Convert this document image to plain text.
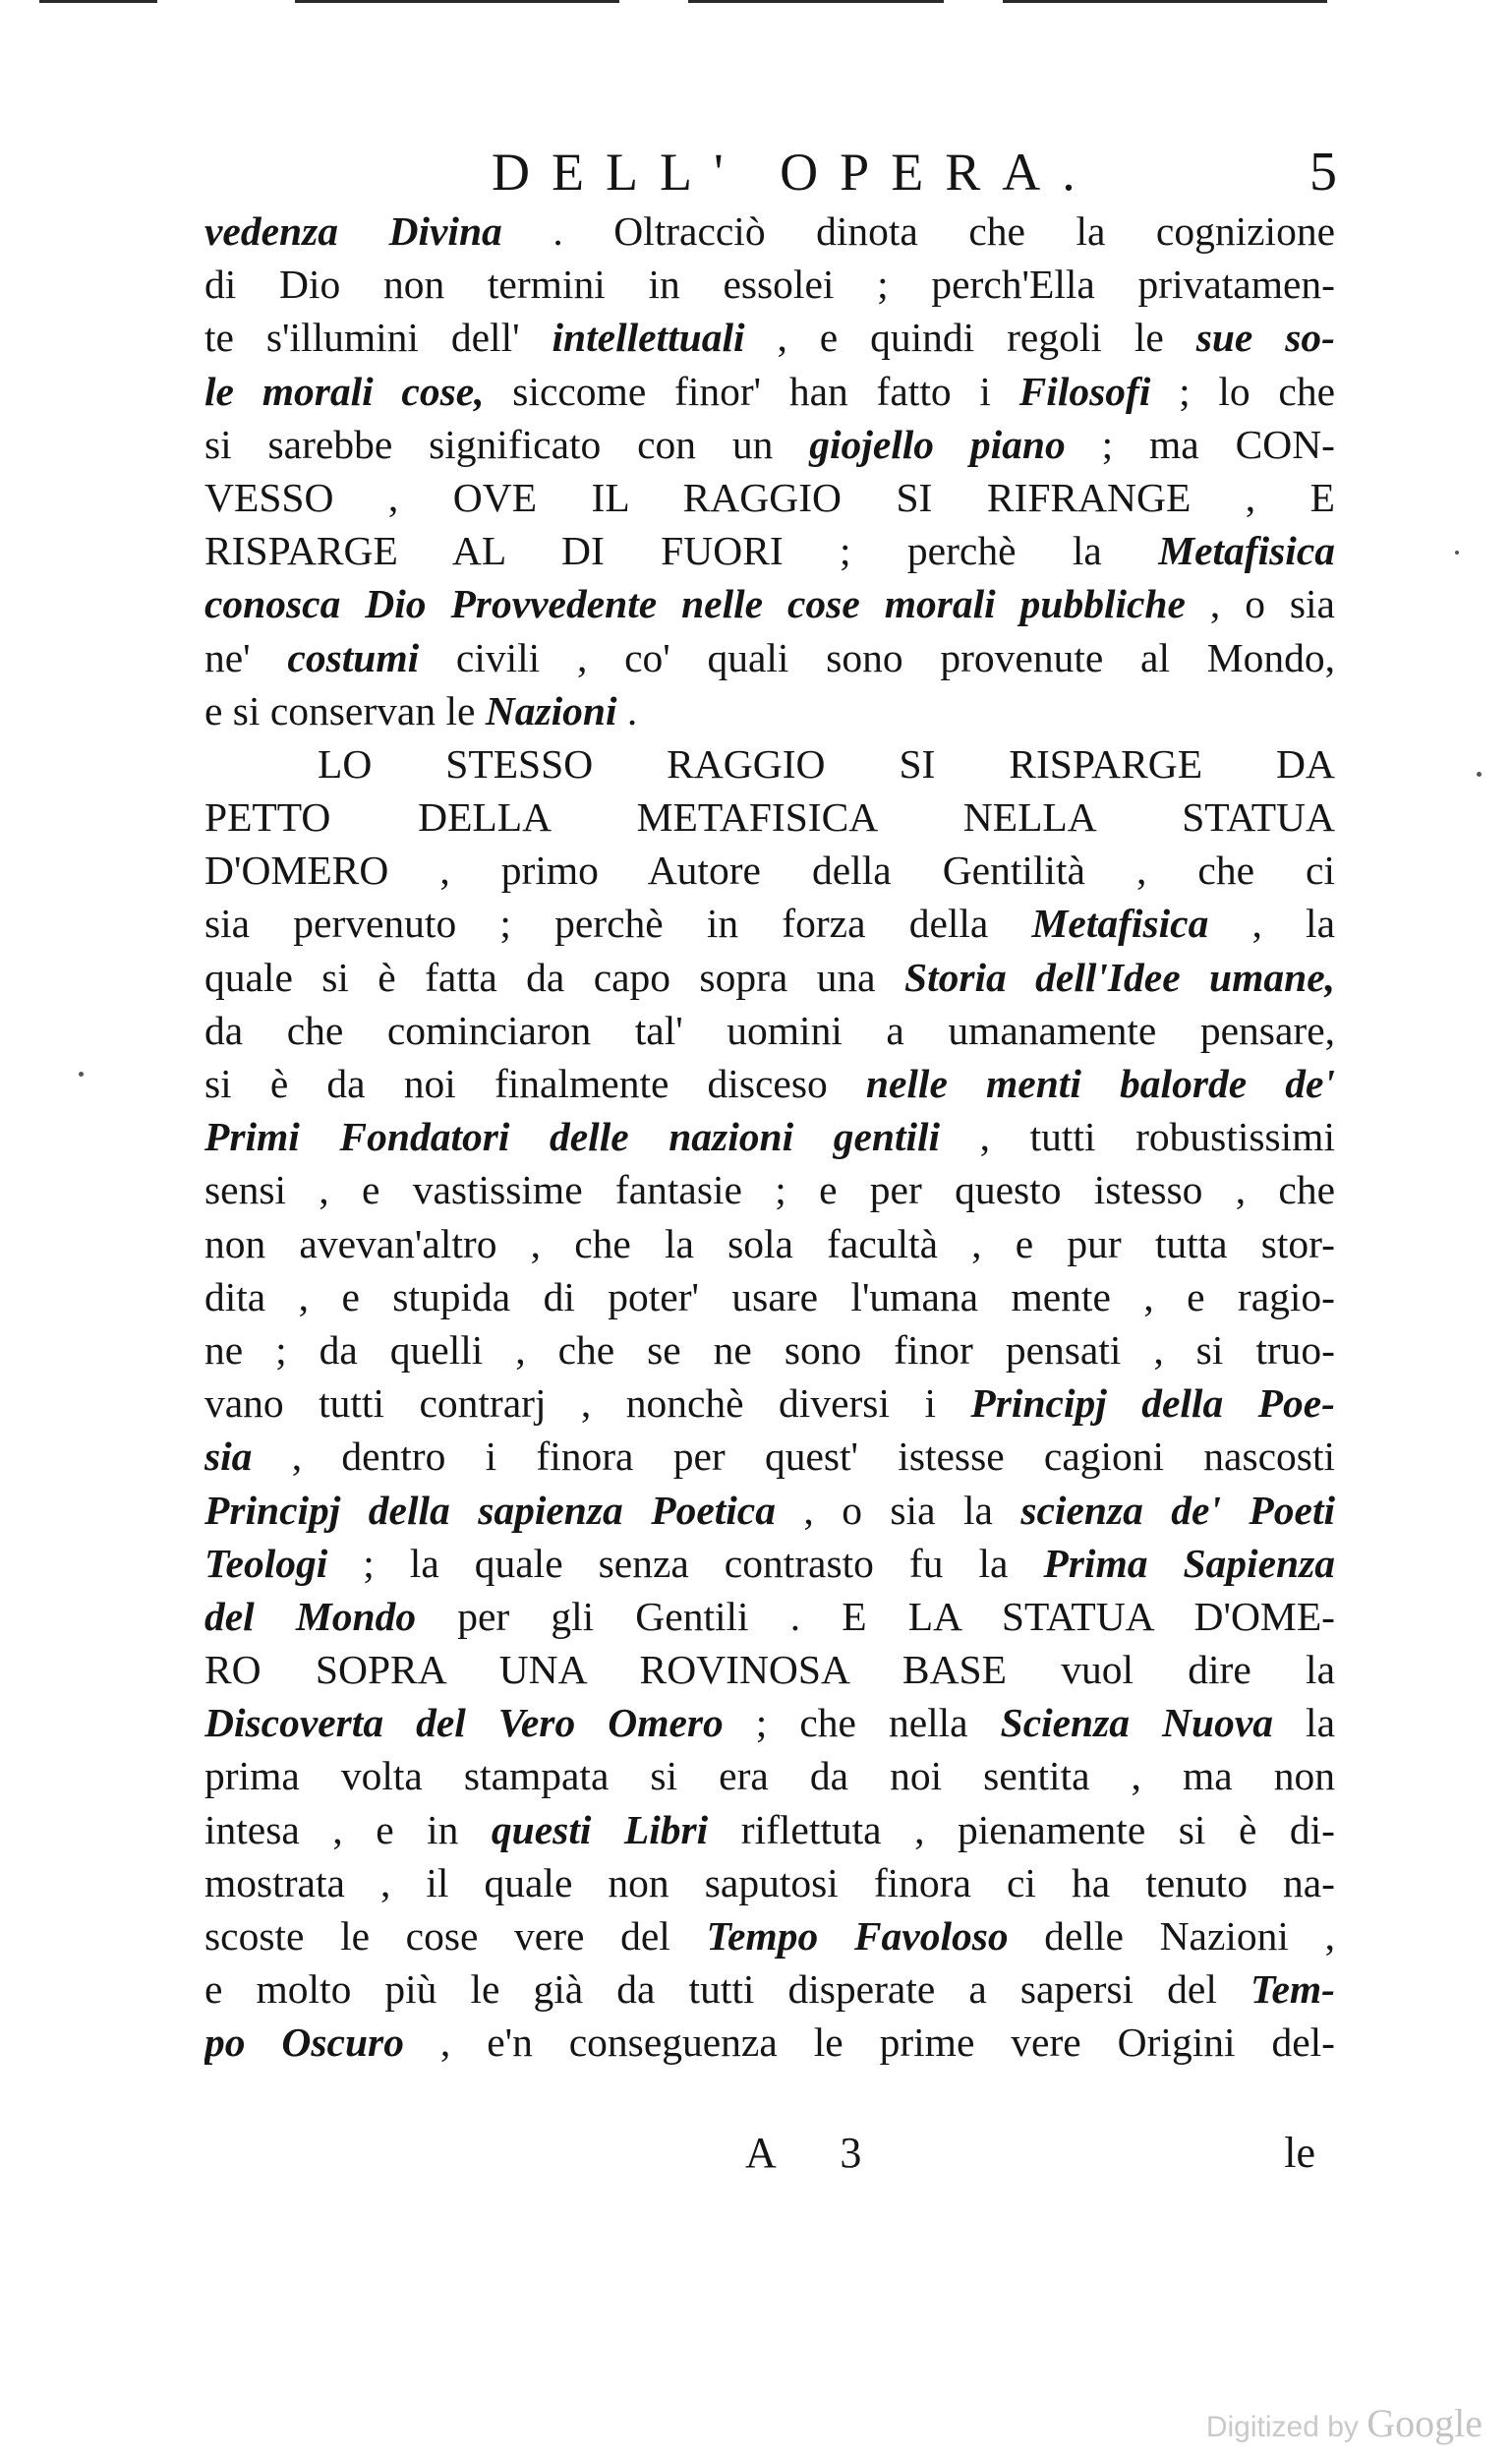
DELL' OPERA.	5
vedenza Divina . Oltracciò dinota che la cognizione
di Dio non termini in essolei ; perch'Ella privatamen-
te s'illumini dell' intellettuali , e quindi regoli le sue so-
le morali cose, siccome finor' han fatto i Filosofi ; lo che
si sarebbe significato con un giojello piano ; ma CON-
VESSO , OVE IL RAGGIO SI RIFRANGE , E
RISPARGE AL DI FUORI ; perchè la Metafisica
conosca Dio Provvedente nelle cose morali pubbliche , o sia
ne' costumi civili , co' quali sono provenute al Mondo,
e si conservan le Nazioni .
LO STESSO RAGGIO SI RISPARGE DA
PETTO DELLA METAFISICA NELLA STATUA
D'OMERO , primo Autore della Gentilità , che ci
sia pervenuto ; perchè in forza della Metafisica , la
quale si è fatta da capo sopra una Storia dell'Idee umane,
da che cominciaron tal' uomini a umanamente pensare,
si è da noi finalmente disceso nelle menti balorde de'
Primi Fondatori delle nazioni gentili , tutti robustissimi
sensi , e vastissime fantasie ; e per questo istesso , che
non avevan'altro , che la sola facultà , e pur tutta stor-
dita , e stupida di poter' usare l'umana mente , e ragio-
ne ; da quelli , che se ne sono finor pensati , si truo-
vano tutti contrarj , nonchè diversi i Principj della Poe-
sia , dentro i finora per quest' istesse cagioni nascosti
Principj della sapienza Poetica , o sia la scienza de' Poeti
Teologi ; la quale senza contrasto fu la Prima Sapienza
del Mondo per gli Gentili . E LA STATUA D'OME-
RO SOPRA UNA ROVINOSA BASE vuol dire la
Discoverta del Vero Omero ; che nella Scienza Nuova la
prima volta stampata si era da noi sentita , ma non
intesa , e in questi Libri riflettuta , pienamente si è di-
mostrata , il quale non saputosi finora ci ha tenuto na-
scoste le cose vere del Tempo Favoloso delle Nazioni ,
e molto più le già da tutti disperate a sapersi del Tem-
po Oscuro , e'n conseguenza le prime vere Origini del-
A 3	le
Digitized by Google
